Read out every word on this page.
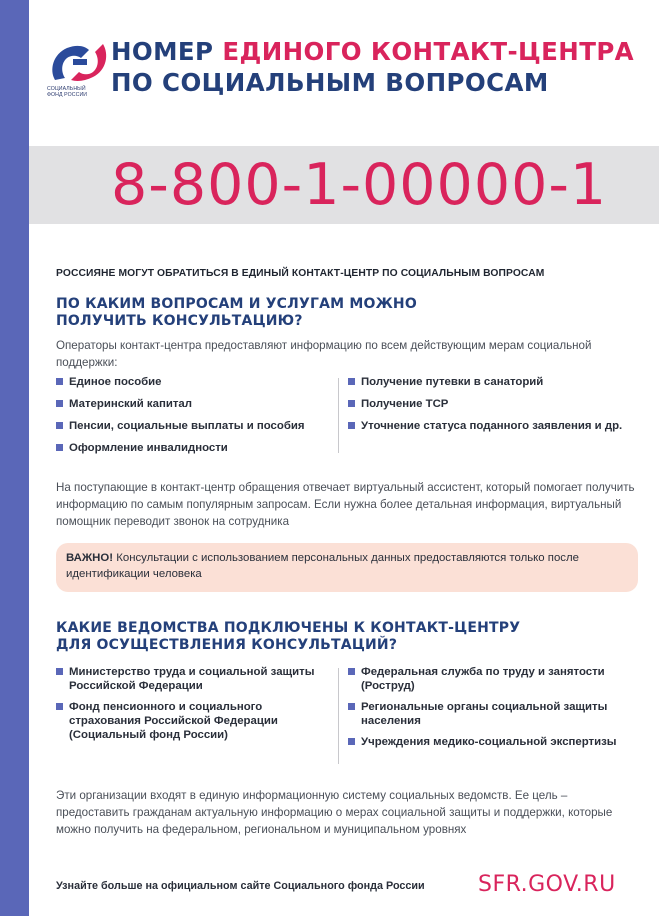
СОЦИАЛЬНЫЙ
ФОНД РОССИИ
НОМЕР ЕДИНОГО КОНТАКТ-ЦЕНТРА
ПО СОЦИАЛЬНЫМ ВОПРОСАМ
8-800-1-00000-1
РОССИЯНЕ МОГУТ ОБРАТИТЬСЯ В ЕДИНЫЙ КОНТАКТ-ЦЕНТР ПО СОЦИАЛЬНЫМ ВОПРОСАМ
ПО КАКИМ ВОПРОСАМ И УСЛУГАМ МОЖНО
ПОЛУЧИТЬ КОНСУЛЬТАЦИЮ?
Операторы контакт-центра предоставляют информацию по всем действующим мерам социальной поддержки:
Единое пособие
Материнский капитал
Пенсии, социальные выплаты и пособия
Оформление инвалидности
Получение путевки в санаторий
Получение ТСР
Уточнение статуса поданного заявления и др.
На поступающие в контакт-центр обращения отвечает виртуальный ассистент, который помогает получить информацию по самым популярным запросам. Если нужна более детальная информация, виртуальный помощник переводит звонок на сотрудника
ВАЖНО! Консультации с использованием персональных данных предоставляются только после идентификации человека
КАКИЕ ВЕДОМСТВА ПОДКЛЮЧЕНЫ К КОНТАКТ-ЦЕНТРУ
ДЛЯ ОСУЩЕСТВЛЕНИЯ КОНСУЛЬТАЦИЙ?
Министерство труда и социальной защиты Российской Федерации
Фонд пенсионного и социального страхования Российской Федерации (Социальный фонд России)
Федеральная служба по труду и занятости (Роструд)
Региональные органы социальной защиты населения
Учреждения медико-социальной экспертизы
Эти организации входят в единую информационную систему социальных ведомств. Ее цель – предоставить гражданам актуальную информацию о мерах социальной защиты и поддержки, которые можно получить на федеральном, региональном и муниципальном уровнях
Узнайте больше на официальном сайте Социального фонда России SFR.GOV.RU
